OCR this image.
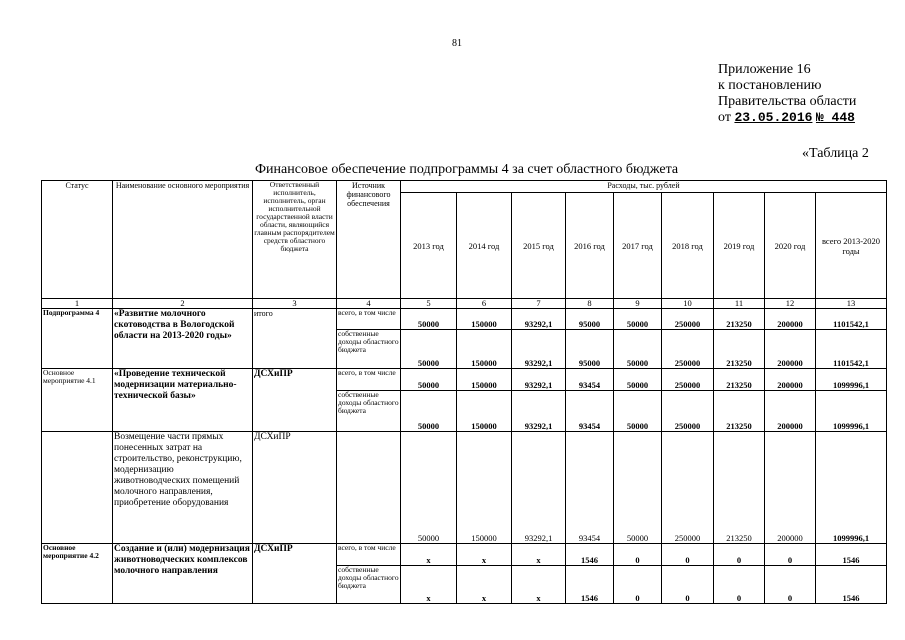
81
Приложение 16
к постановлению
Правительства области
от 23.05.2016 № 448
«Таблица 2
Финансовое обеспечение подпрограммы 4 за счет областного бюджета
Статус	Наименование основного мероприятия	Ответственный исполнитель, исполнитель, орган исполнительной государственной власти области, являющийся главным распорядителем средств областного бюджета	Источник финансового обеспечения	Расходы, тыс. рублей								
				2013 год	2014 год	2015 год	2016 год	2017 год	2018 год	2019 год	2020 год	всего 2013-2020 годы
1	2	3	4	5	6	7	8	9	10	11	12	13
Подпрограмма 4	«Развитие молочного скотоводства в Вологодской области на 2013-2020 годы»	итого	всего, в том числе	50000	150000	93292,1	95000	50000	250000	213250	200000	1101542,1
			собственные доходы областного бюджета	50000	150000	93292,1	95000	50000	250000	213250	200000	1101542,1
Основное мероприятие 4.1	«Проведение технической модернизации материально-технической базы»	ДСХиПР	всего, в том числе	50000	150000	93292,1	93454	50000	250000	213250	200000	1099996,1
			собственные доходы областного бюджета	50000	150000	93292,1	93454	50000	250000	213250	200000	1099996,1
	Возмещение части прямых понесенных затрат на строительство, реконструкцию, модернизацию животноводческих помещений молочного направления, приобретение оборудования	ДСХиПР		50000	150000	93292,1	93454	50000	250000	213250	200000	1099996,1
Основное мероприятие 4.2	Создание и (или) модернизация животноводческих комплексов молочного направления	ДСХиПР	всего, в том числе	x	x	x	1546	0	0	0	0	1546
			собственные доходы областного бюджета	x	x	x	1546	0	0	0	0	1546
